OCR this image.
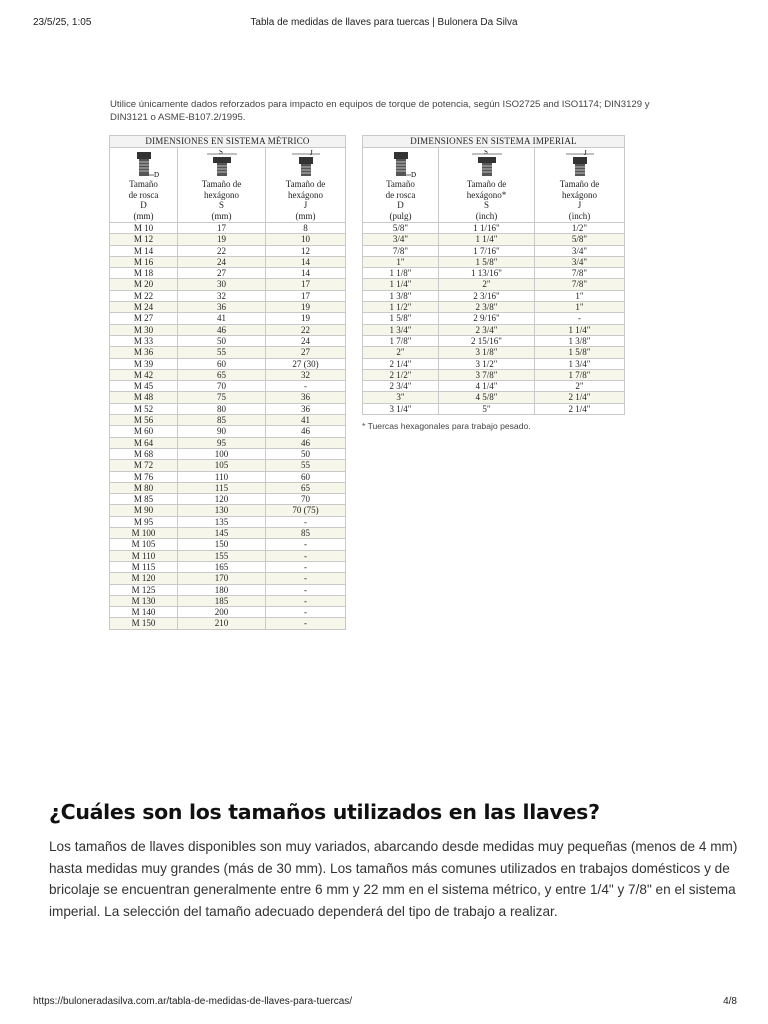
23/5/25, 1:05	Tabla de medidas de llaves para tuercas | Bulonera Da Silva
Utilice únicamente dados reforzados para impacto en equipos de torque de potencia, según ISO2725 and ISO1174; DIN3129 y DIN3121 o ASME-B107.2/1995.
DIMENSIONES EN SISTEMA MÉTRICO		

D
Tamaño
de rosca
D
(mm)	S
Tamaño de
hexágono
S
(mm)	J
Tamaño de
hexágono
J
(mm)
M 10	17	8
M 12	19	10
M 14	22	12
M 16	24	14
M 18	27	14
M 20	30	17
M 22	32	17
M 24	36	19
M 27	41	19
M 30	46	22
M 33	50	24
M 36	55	27
M 39	60	27 (30)
M 42	65	32
M 45	70	-
M 48	75	36
M 52	80	36
M 56	85	41
M 60	90	46
M 64	95	46
M 68	100	50
M 72	105	55
M 76	110	60
M 80	115	65
M 85	120	70
M 90	130	70 (75)
M 95	135	-
M 100	145	85
M 105	150	-
M 110	155	-
M 115	165	-
M 120	170	-
M 125	180	-
M 130	185	-
M 140	200	-
M 150	210	-
DIMENSIONES EN SISTEMA IMPERIAL		

D
Tamaño
de rosca
D
(pulg)	S
Tamaño de
hexágono*
S
(inch)	J
Tamaño de
hexágono
J
(inch)
5/8"	1 1/16"	1/2"
3/4"	1 1/4"	5/8"
7/8"	1 7/16"	3/4"
1"	1 5/8"	3/4"
1 1/8"	1 13/16"	7/8"
1 1/4"	2"	7/8"
1 3/8"	2 3/16"	1"
1 1/2"	2 3/8"	1"
1 5/8"	2 9/16"	-
1 3/4"	2 3/4"	1 1/4"
1 7/8"	2 15/16"	1 3/8"
2"	3 1/8"	1 5/8"
2 1/4"	3 1/2"	1 3/4"
2 1/2"	3 7/8"	1 7/8"
2 3/4"	4 1/4"	2"
3"	4 5/8"	2 1/4"
3 1/4"	5"	2 1/4"
* Tuercas hexagonales para trabajo pesado.
¿Cuáles son los tamaños utilizados en las llaves?

Los tamaños de llaves disponibles son muy variados, abarcando desde medidas muy pequeñas (menos de 4 mm) hasta medidas muy grandes (más de 30 mm). Los tamaños más comunes utilizados en trabajos domésticos y de bricolaje se encuentran generalmente entre 6 mm y 22 mm en el sistema métrico, y entre 1/4" y 7/8" en el sistema imperial. La selección del tamaño adecuado dependerá del tipo de trabajo a realizar.

https://buloneradasilva.com.ar/tabla-de-medidas-de-llaves-para-tuercas/	4/8
